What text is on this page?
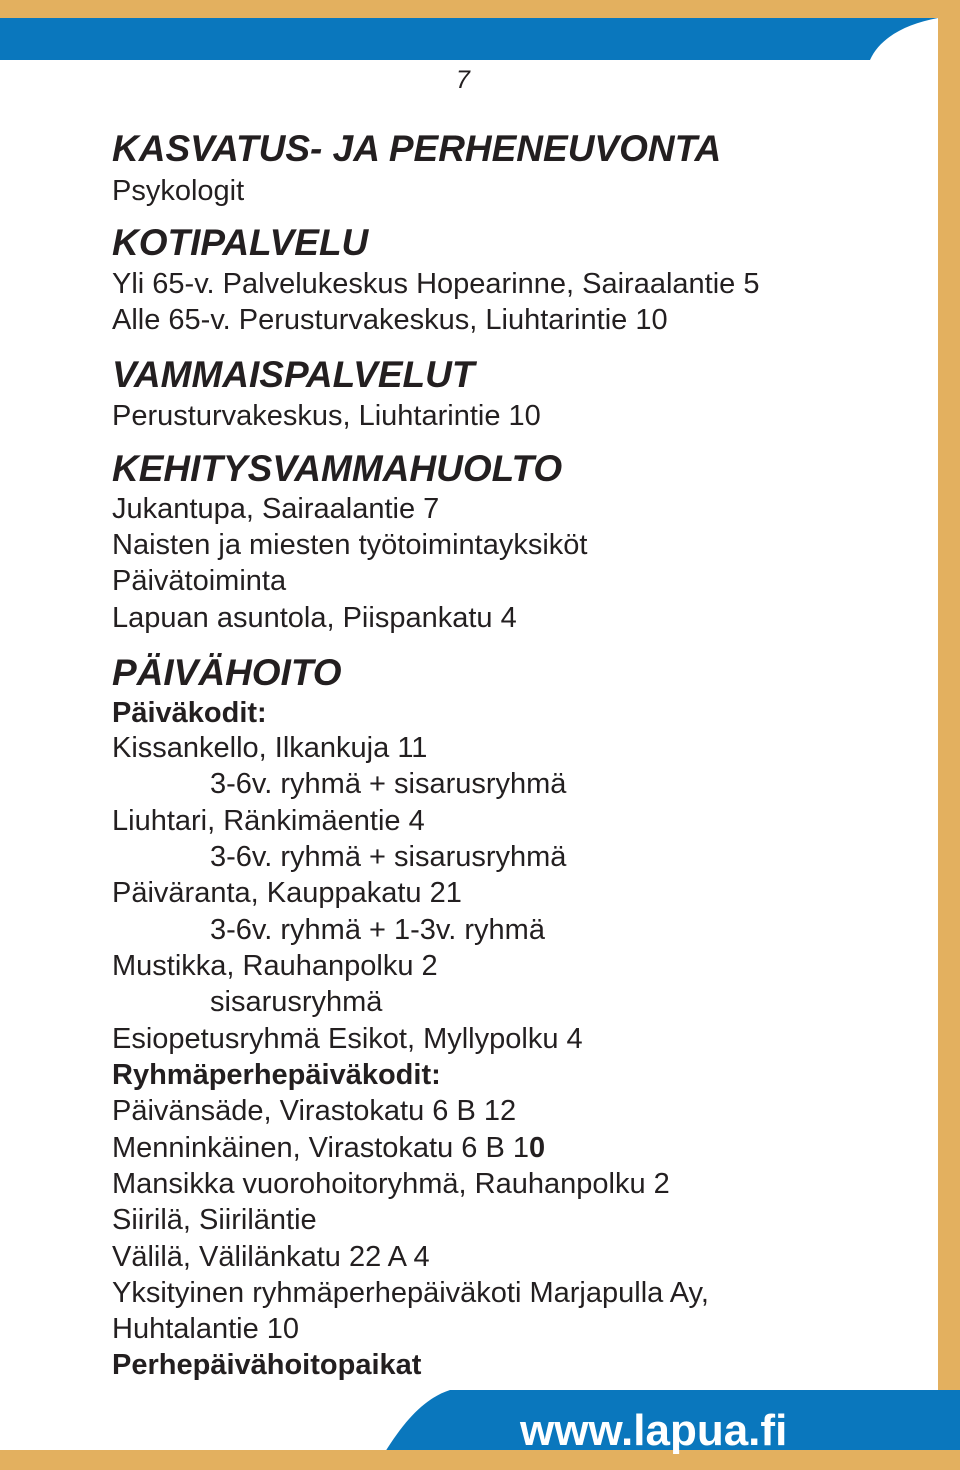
7
KASVATUS- JA PERHENEUVONTA
Psykologit
KOTIPALVELU
Yli 65-v. Palvelukeskus Hopearinne, Sairaalantie 5
Alle 65-v. Perusturvakeskus, Liuhtarintie 10
VAMMAISPALVELUT
Perusturvakeskus, Liuhtarintie 10
KEHITYSVAMMAHUOLTO
Jukantupa, Sairaalantie 7
Naisten ja miesten työtoimintayksiköt
Päivätoiminta
Lapuan asuntola, Piispankatu 4
PÄIVÄHOITO
Päiväkodit:
Kissankello, Ilkankuja 11
3-6v. ryhmä + sisarusryhmä
Liuhtari, Ränkimäentie 4
3-6v. ryhmä + sisarusryhmä
Päiväranta, Kauppakatu 21
3-6v. ryhmä + 1-3v. ryhmä
Mustikka, Rauhanpolku 2
sisarusryhmä
Esiopetusryhmä Esikot, Myllypolku 4
Ryhmäperhepäiväkodit:
Päivänsäde, Virastokatu 6 B 12
Menninkäinen, Virastokatu 6 B 10
Mansikka vuorohoitoryhmä, Rauhanpolku 2
Siirilä, Siiriläntie
Välilä, Välilänkatu 22 A 4
Yksityinen ryhmäperhepäiväkoti Marjapulla Ay,
Huhtalantie 10
Perhepäivähoitopaikat
www.lapua.fi
